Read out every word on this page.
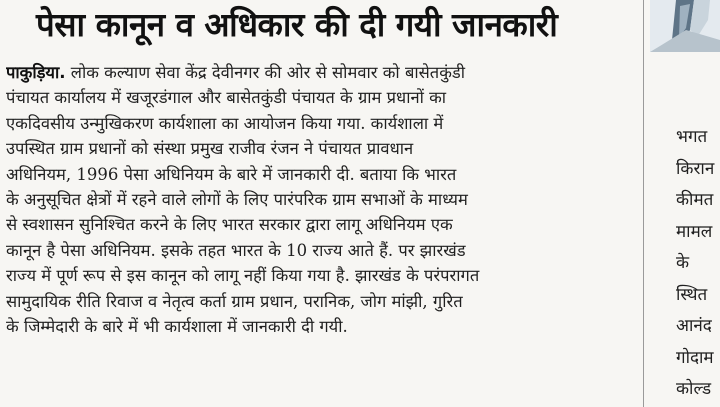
पेसा कानून व अधिकार की दी गयी जानकारी
पाकुड़िया. लोक कल्याण सेवा केंद्र देवीनगर की ओर से सोमवार को बासेतकुंडी
पंचायत कार्यालय में खजूरडंगाल और बासेतकुंडी पंचायत के ग्राम प्रधानों का
एकदिवसीय उन्मुखिकरण कार्यशाला का आयोजन किया गया. कार्यशाला में
उपस्थित ग्राम प्रधानों को संस्था प्रमुख राजीव रंजन ने पंचायत प्रावधान
अधिनियम, 1996 पेसा अधिनियम के बारे में जानकारी दी. बताया कि भारत
के अनुसूचित क्षेत्रों में रहने वाले लोगों के लिए पारंपरिक ग्राम सभाओं के माध्यम
से स्वशासन सुनिश्चित करने के लिए भारत सरकार द्वारा लागू अधिनियम एक
कानून है पेसा अधिनियम. इसके तहत भारत के 10 राज्य आते हैं. पर झारखंड
राज्य में पूर्ण रूप से इस कानून को लागू नहीं किया गया है. झारखंड के परंपरागत
सामुदायिक रीति रिवाज व नेतृत्व कर्ता ग्राम प्रधान, परानिक, जोग मांझी, गुरित
के जिम्मेदारी के बारे में भी कार्यशाला में जानकारी दी गयी.
भगत
किरान
कीमत
मामल
के
स्थित
आनंद
गोदाम
कोल्ड
